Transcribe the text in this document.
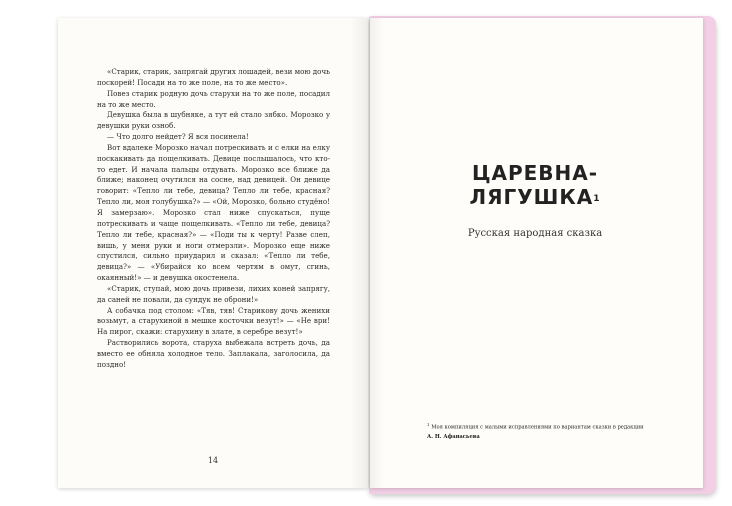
«Старик, старик, запрягай других лошадей, вези мою дочь поскорей! Посади на то же поле, на то же место».

Повез старик родную дочь старухи на то же поле, посадил на то же место.

Девушка была в шубняке, а тут ей стало зябко. Морозко у девушки руки озноб.

— Что долго нейдет? Я вся посинела!

Вот вдалеке Морозко начал потрескивать и с елки на елку поскакивать да пощелкивать. Девице послышалось, что кто-то едет. И начала пальцы отдувать. Морозко все ближе да ближе; наконец очутился на сосне, над девицей. Он девице говорит: «Тепло ли тебе, девица? Тепло ли тебе, красная? Тепло ли, моя голубушка?» — «Ой, Морозко, больно студёно! Я замерзаю». Морозко стал ниже спускаться, пуще потрескивать и чаще пощелкивать. «Тепло ли тебе, девица? Тепло ли тебе, красная?» — «Поди ты к черту! Разве слеп, вишь, у меня руки и ноги отмерзли». Морозко еще ниже спустился, сильно приударил и сказал: «Тепло ли тебе, девица?» — «Убирайся ко всем чертям в омут, сгинь, окаянный!» — и девушка окостенела.

«Старик, ступай, мою дочь привези, лихих коней запрягу, да саней не повали, да сундук не оброни!»

А собачка под столом: «Тяв, тяв! Старикову дочь женихи возьмут, а старухиной в мешке косточки везут!» — «Не ври! На пирог, скажи: старухину в злате, в серебре везут!»

Растворились ворота, старуха выбежала встреть дочь, да вместо ее обняла холодное тело. Заплакала, заголосила, да поздно!

14
ЦАРЕВНА-ЛЯГУШКА$^1$
Русская народная сказка
$^1$ Моя компиляция с малыми исправлениями по вариантам сказки в редакции
А. Н. Афанасьева
